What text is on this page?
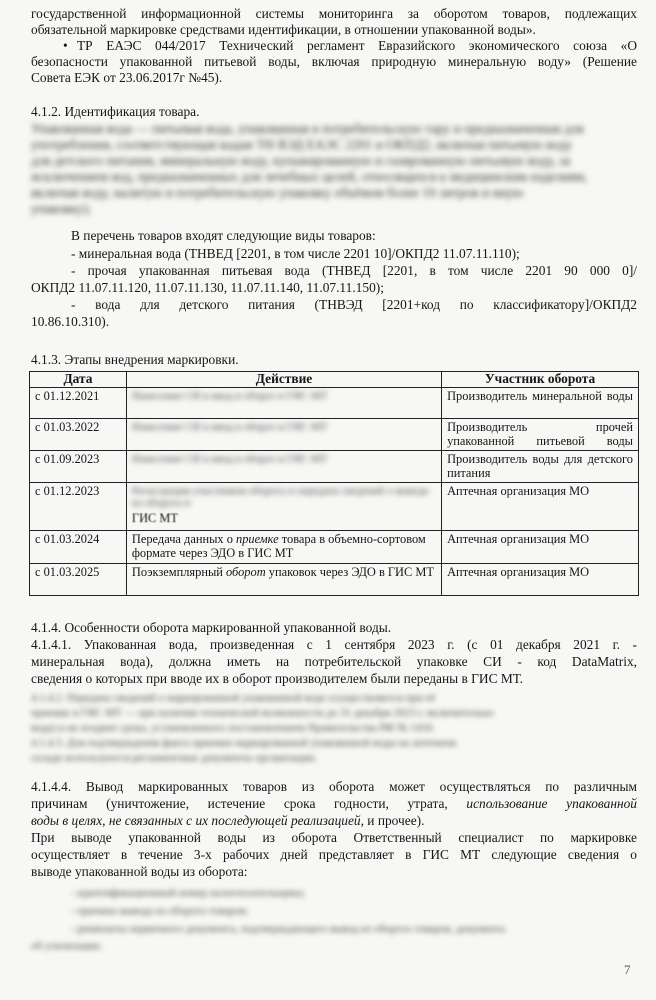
государственной информационной системы мониторинга за оборотом товаров, подлежащих
обязательной маркировке средствами идентификации, в отношении упакованной воды».
• ТР ЕАЭС 044/2017 Технический регламент Евразийского экономического союза «О
безопасности упакованной питьевой воды, включая природную минеральную воду» (Решение
Совета ЕЭК от 23.06.2017г №45).
4.1.2. Идентификация товара.
Упакованная вода — питьевая вода, упакованная в потребительскую тару и предназначенная для
употребления, соответствующая кодам ТН ВЭД ЕАЭС 2201 и ОКПД2, включая питьевую воду
для детского питания, минеральную воду, купажированную и газированную питьевую воду, за
исключением вод, предназначенных для лечебных целей, относящихся к медицинским изделиям,
включая воду, налитую в потребительскую упаковку объёмом более 10 литров и иную
упаковку);
В перечень товаров входят следующие виды товаров:
- минеральная вода (ТНВЕД [2201, в том числе 2201 10]/ОКПД2 11.07.11.110);
- прочая упакованная питьевая вода (ТНВЕД [2201, в том числе 2201 90 000 0]/
ОКПД2 11.07.11.120, 11.07.11.130, 11.07.11.140, 11.07.11.150);
- вода для детского питания (ТНВЭД [2201+код по классификатору]/ОКПД2
10.86.10.310).
4.1.3. Этапы внедрения маркировки.
Дата	Действие	Участник оборота
с 01.12.2021	Нанесение СИ и ввод в оборот в ГИС МТ	Производитель минеральной воды
с 01.03.2022	Нанесение СИ и ввод в оборот в ГИС МТ	Производитель прочей упакованной питьевой воды
с 01.09.2023	Нанесение СИ и ввод в оборот в ГИС МТ	Производитель воды для детского питания
с 01.12.2023	Регистрация участников оборота и передача сведений о выводе из оборота в
ГИС МТ	Аптечная организация МО
с 01.03.2024	Передача данных о приемке товара в объемно-сортовом формате через ЭДО в ГИС МТ	Аптечная организация МО
с 01.03.2025	Поэкземплярный оборот упаковок через ЭДО в ГИС МТ	Аптечная организация МО
4.1.4. Особенности оборота маркированной упакованной воды.
4.1.4.1. Упакованная вода, произведенная с 1 сентября 2023 г. (с 01 декабря 2021 г. -
минеральная вода), должна иметь на потребительской упаковке СИ - код DataMatrix,
сведения о которых при вводе их в оборот производителем были переданы в ГИС МТ.
4.1.4.2. Передача сведений о маркированной упакованной воде осуществляется при её
приемке в ГИС МТ — при наличии технической возможности до 31 декабря 2023 г. включительно
вода) и не позднее срока, установленного постановлением Правительства РФ № 1416.
4.1.4.3. Для подтверждения факта приемки маркированной упакованной воды на аптечном
складе используются регламентные документы организации.
4.1.4.4. Вывод маркированных товаров из оборота может осуществляться по различным
причинам (уничтожение, истечение срока годности, утрата, использование упакованной
воды в целях, не связанных с их последующей реализацией, и прочее).
При выводе упакованной воды из оборота Ответственный специалист по маркировке
осуществляет в течение 3-х рабочих дней представляет в ГИС МТ следующие сведения о
выводе упакованной воды из оборота:
- идентификационный номер налогоплательщика;
- причина вывода из оборота товаров;
- реквизиты первичного документа, подтверждающего вывод из оборота товаров, документа
об утилизации.
7
